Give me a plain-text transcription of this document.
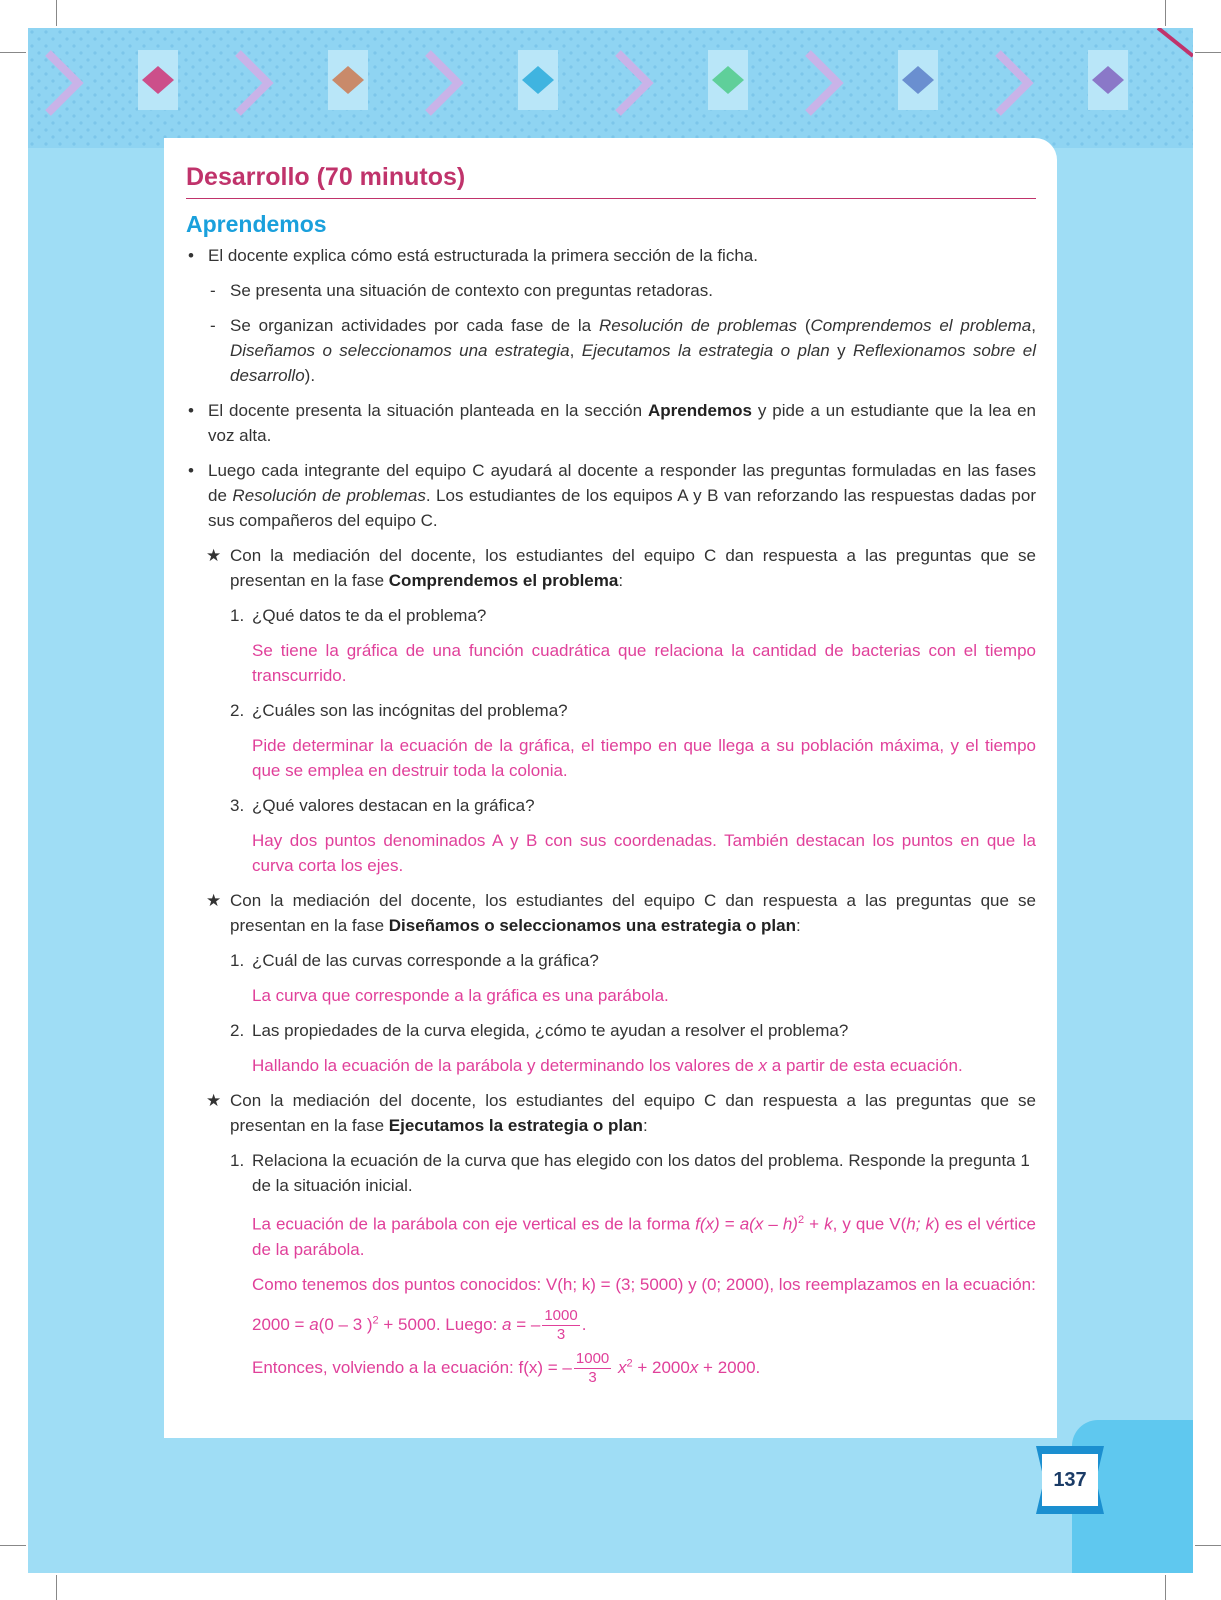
Desarrollo (70 minutos)
Aprendemos
• El docente explica cómo está estructurada la primera sección de la ficha.
- Se presenta una situación de contexto con preguntas retadoras.
- Se organizan actividades por cada fase de la Resolución de problemas (Comprendemos el problema, Diseñamos o seleccionamos una estrategia, Ejecutamos la estrategia o plan y Reflexionamos sobre el desarrollo).
• El docente presenta la situación planteada en la sección Aprendemos y pide a un estudiante que la lea en voz alta.
• Luego cada integrante del equipo C ayudará al docente a responder las preguntas formuladas en las fases de Resolución de problemas. Los estudiantes de los equipos A y B van reforzando las respuestas dadas por sus compañeros del equipo C.
★ Con la mediación del docente, los estudiantes del equipo C dan respuesta a las preguntas que se presentan en la fase Comprendemos el problema:
1. ¿Qué datos te da el problema?
Se tiene la gráfica de una función cuadrática que relaciona la cantidad de bacterias con el tiempo transcurrido.
2. ¿Cuáles son las incógnitas del problema?
Pide determinar la ecuación de la gráfica, el tiempo en que llega a su población máxima, y el tiempo que se emplea en destruir toda la colonia.
3. ¿Qué valores destacan en la gráfica?
Hay dos puntos denominados A y B con sus coordenadas. También destacan los puntos en que la curva corta los ejes.
★ Con la mediación del docente, los estudiantes del equipo C dan respuesta a las preguntas que se presentan en la fase Diseñamos o seleccionamos una estrategia o plan:
1. ¿Cuál de las curvas corresponde a la gráfica?
La curva que corresponde a la gráfica es una parábola.
2. Las propiedades de la curva elegida, ¿cómo te ayudan a resolver el problema?
Hallando la ecuación de la parábola y determinando los valores de x a partir de esta ecuación.
★ Con la mediación del docente, los estudiantes del equipo C dan respuesta a las preguntas que se presentan en la fase Ejecutamos la estrategia o plan:
1. Relaciona la ecuación de la curva que has elegido con los datos del problema. Responde la pregunta 1 de la situación inicial.
La ecuación de la parábola con eje vertical es de la forma f(x) = a(x – h)$^2$ + k, y que V(h; k) es el vértice de la parábola.
Como tenemos dos puntos conocidos: V(h; k) = (3; 5000) y (0; 2000), los reemplazamos en la ecuación:
2000 = a(0 – 3 )$^2$ + 5000. Luego: a = – $\frac{1000}{3}$ .
Entonces, volviendo a la ecuación: f(x) = – $\frac{1000}{3} x^2 + 2000x + 2000$.
137
